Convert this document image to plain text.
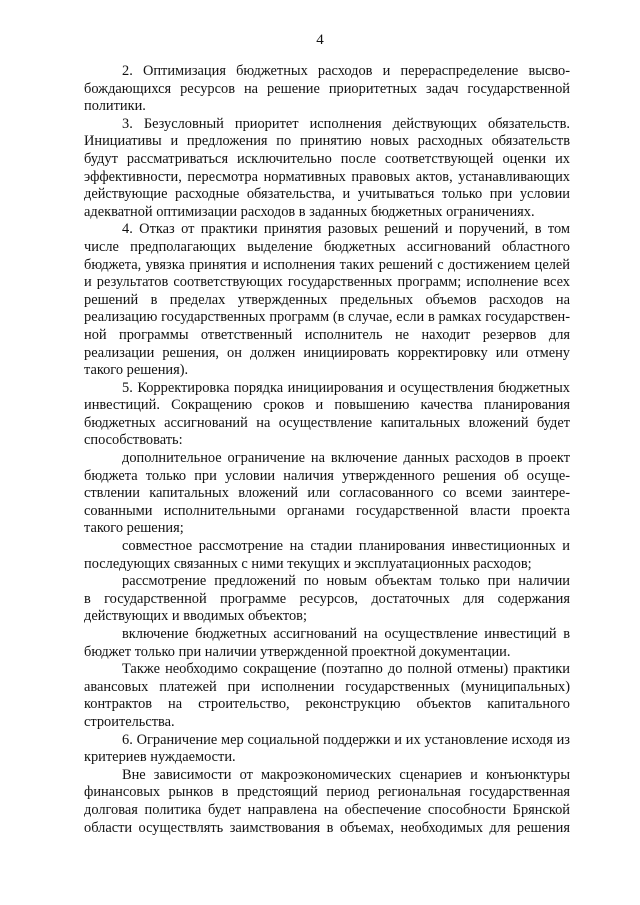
4
2. Оптимизация бюджетных расходов и перераспределение высво-
бождающихся ресурсов на решение приоритетных задач государственной
политики.
3. Безусловный приоритет исполнения действующих обязательств.
Инициативы и предложения по принятию новых расходных обязательств
будут рассматриваться исключительно после соответствующей оценки их
эффективности, пересмотра нормативных правовых актов, устанавливающих
действующие расходные обязательства, и учитываться только при условии
адекватной оптимизации расходов в заданных бюджетных ограничениях.
4. Отказ от практики принятия разовых решений и поручений, в том
числе предполагающих выделение бюджетных ассигнований областного
бюджета, увязка принятия и исполнения таких решений с достижением целей
и результатов соответствующих государственных программ; исполнение всех
решений в пределах утвержденных предельных объемов расходов на
реализацию государственных программ (в случае, если в рамках государствен-
ной программы ответственный исполнитель не находит резервов для
реализации решения, он должен инициировать корректировку или отмену
такого решения).
5. Корректировка порядка инициирования и осуществления бюджетных
инвестиций. Сокращению сроков и повышению качества планирования
бюджетных ассигнований на осуществление капитальных вложений будет
способствовать:
дополнительное ограничение на включение данных расходов в проект
бюджета только при условии наличия утвержденного решения об осуще-
ствлении капитальных вложений или согласованного со всеми заинтере-
сованными исполнительными органами государственной власти проекта
такого решения;
совместное рассмотрение на стадии планирования инвестиционных и
последующих связанных с ними текущих и эксплуатационных расходов;
рассмотрение предложений по новым объектам только при наличии
в государственной программе ресурсов, достаточных для содержания
действующих и вводимых объектов;
включение бюджетных ассигнований на осуществление инвестиций в
бюджет только при наличии утвержденной проектной документации.
Также необходимо сокращение (поэтапно до полной отмены) практики
авансовых платежей при исполнении государственных (муниципальных)
контрактов на строительство, реконструкцию объектов капитального
строительства.
6. Ограничение мер социальной поддержки и их установление исходя из
критериев нуждаемости.
Вне зависимости от макроэкономических сценариев и конъюнктуры
финансовых рынков в предстоящий период региональная государственная
долговая политика будет направлена на обеспечение способности Брянской
области осуществлять заимствования в объемах, необходимых для решения
